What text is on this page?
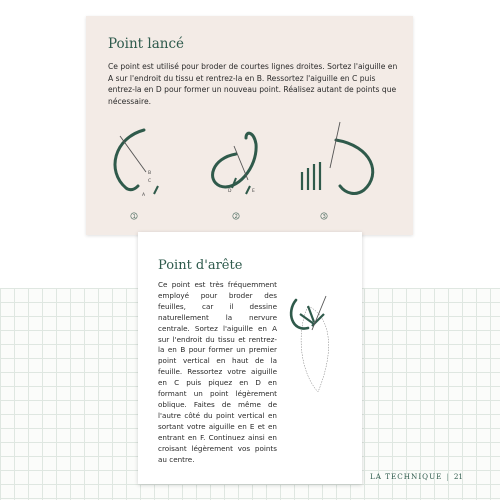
Point lancé
Ce point est utilisé pour broder de courtes lignes droites. Sortez l'aiguille en A sur l'endroit du tissu et rentrez-la en B. Ressortez l'aiguille en C puis entrez-la en D pour former un nouveau point. Réalisez autant de points que nécessaire.
B
C
A
1
D	E
2	3
Point d'arête
Ce point est très fréquemment employé pour broder des feuilles, car il dessine naturellement la nervure centrale. Sortez l'aiguille en A sur l'endroit du tissu et rentrez-la en B pour former un premier point vertical en haut de la feuille. Ressortez votre aiguille en C puis piquez en D en formant un point légèrement oblique. Faites de même de l'autre côté du point vertical en sortant votre aiguille en E et en entrant en F. Continuez ainsi en croisant légèrement vos points au centre.
LA TECHNIQUE | 21
